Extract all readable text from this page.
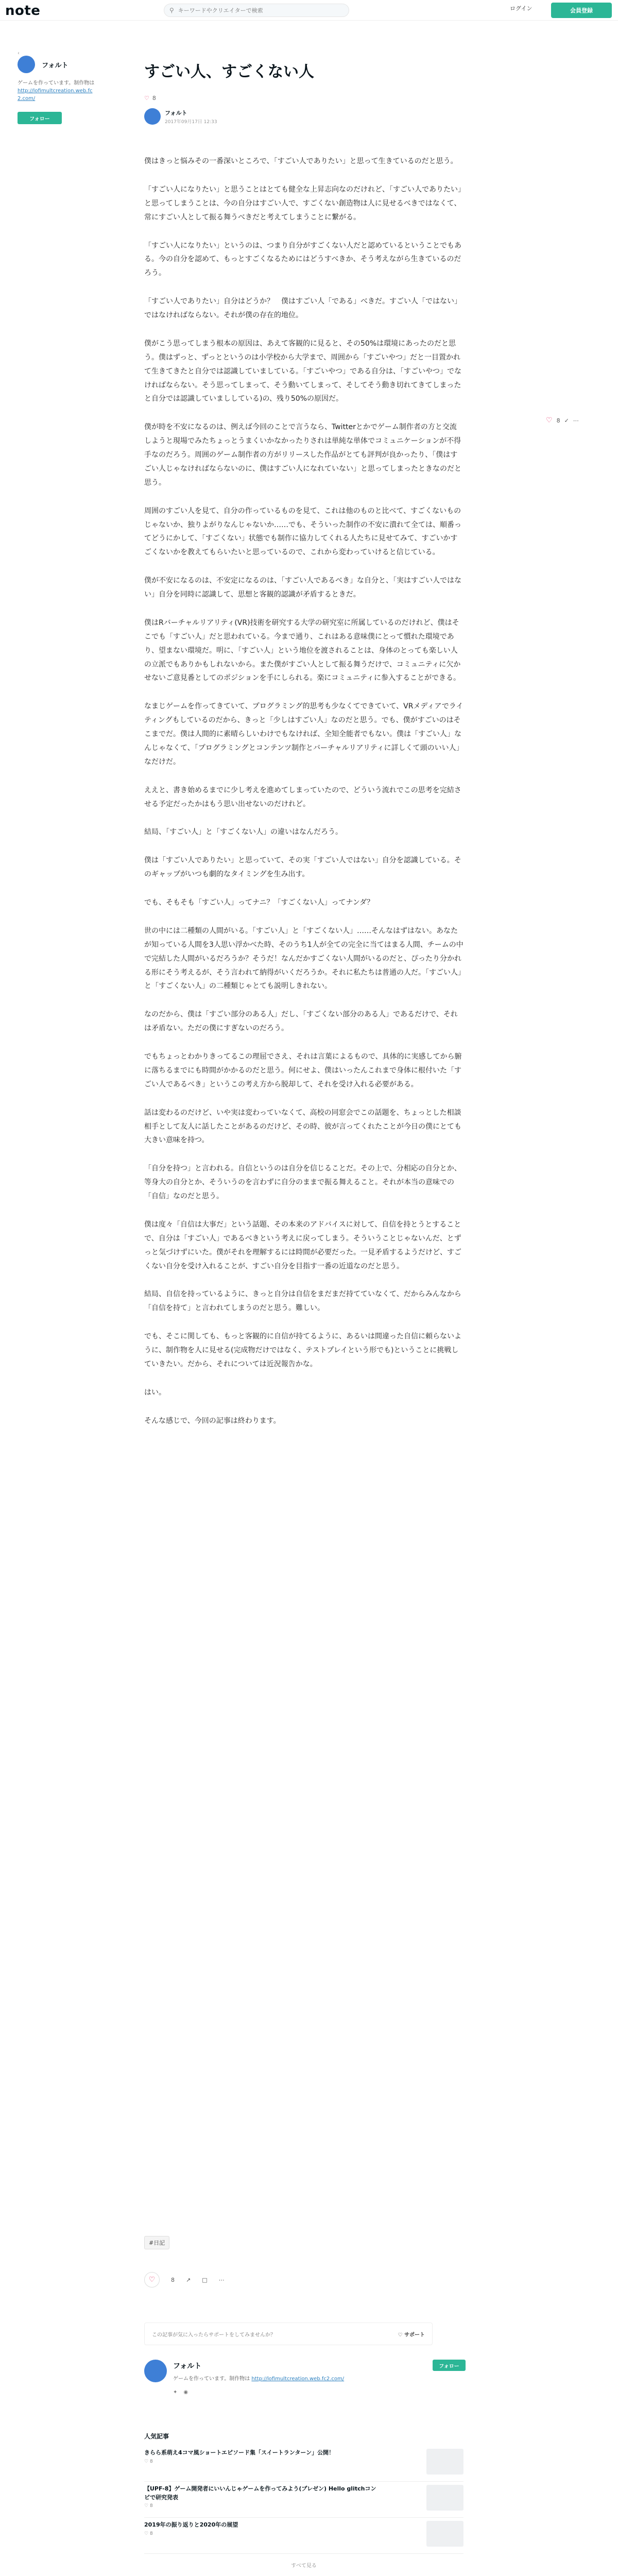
note	⚲
キーワードやクリエイターで検索	ログイン	会員登録
‹
フォルト
ゲームを作っています。制作物は http://lofimultcreation.web.fc2.com/
フォロー
すごい人、すごくない人
♡ 8
フォルト
2017年09月17日 12:33

僕はきっと悩みその一番深いところで、「すごい人でありたい」と思って生きているのだと思う。

「すごい人になりたい」と思うことはとても健全な上昇志向なのだけれど、「すごい人でありたい」と思ってしまうことは、今の自分はすごい人で、すごくない創造物は人に見せるべきではなくて、常にすごい人として振る舞うべきだと考えてしまうことに繋がる。

「すごい人になりたい」というのは、つまり自分がすごくない人だと認めているということでもある。今の自分を認めて、もっとすごくなるためにはどうすべきか、そう考えながら生きているのだろう。

「すごい人でありたい」自分はどうか？　僕はすごい人「である」べきだ。すごい人「ではない」ではなければならない。それが僕の存在的地位。

僕がこう思ってしまう根本の原因は、あえて客観的に見ると、その50%は環境にあったのだと思う。僕はずっと、ずっとというのは小学校から大学まで、周囲から「すごいやつ」だと一目置かれて生きてきたと自分では認識していましている。「すごいやつ」である自分は、「すごいやつ」でなければならない。そう思ってしまって、そう動いてしまって、そしてそう動き切れてきてしまったと自分では認識していまししている)の、残り50%の原因だ。

僕が時を不安になるのは、例えば今回のことで言うなら、Twitterとかでゲーム制作者の方と交流しようと現場でみたちょっとうまくいかなかったりされは単純な単体でコミュニケーションが不得手なのだろう。周囲のゲーム制作者の方がリリースした作品がとても評判が良かったり、「僕はすごい人じゃなければならないのに、僕はすごい人になれていない」と思ってしまったときなのだと思う。

周囲のすごい人を見て、自分の作っているものを見て、これは他のものと比べて、すごくないものじゃないか、独りよがりなんじゃないか……でも、そういった制作の不安に潰れて全ては、順番ってどうにかして、「すごくない」状態でも制作に協力してくれる人たちに見せてみて、すごいかすごくないかを教えてもらいたいと思っているので、これから変わっていけると信じている。

僕が不安になるのは、不安定になるのは、「すごい人であるべき」な自分と、「実はすごい人ではない」自分を同時に認識して、思想と客観的認識が矛盾するときだ。

僕はRバーチャルリアリティ(VR)技術を研究する大学の研究室に所属しているのだけれど、僕はそこでも「すごい人」だと思われている。今まで通り、これはある意味僕にとって慣れた環境であり、望まない環境だ。明に、「すごい人」という地位を渡されることは、身体のとっても楽しい人の立派でもありかもしれないから。また僕がすごい人として振る舞うだけで、コミュニティに欠かせないご意見番としてのポジションを手にしられる。楽にコミュニティに参入することができる。

なまじゲームを作ってきていて、プログラミング的思考も少なくてできていて、VRメディアでライティングもしているのだから、きっと「少しはすごい人」なのだと思う。でも、僕がすごいのはそこまでだ。僕は人間的に素晴らしいわけでもなければ、全知全能者でもない。僕は「すごい人」なんじゃなくて、「プログラミングとコンテンツ制作とバーチャルリアリティに詳しくて頭のいい人」なだけだ。

ええと、書き始めるまでに少し考えを進めてしまっていたので、どういう流れでこの思考を完結させる予定だったかはもう思い出せないのだけれど。

結局、「すごい人」と「すごくない人」の違いはなんだろう。

僕は「すごい人でありたい」と思っていて、その実「すごい人ではない」自分を認識している。そのギャップがいつも劇的なタイミングを生み出す。

でも、そもそも「すごい人」ってナニ？「すごくない人」ってナンダ？

世の中には二種類の人間がいる。「すごい人」と「すごくない人」……そんなはずはない。あなたが知っている人間を3人思い浮かべた時、そのうち1人が全ての完全に当てはまる人間、チームの中で完結した人間がいるだろうか？そうだ！なんだかすごくない人間がいるのだと、ぴったり分かれる形にそう考えるが、そう言われて納得がいくだろうか。それに私たちは普通の人だ。「すごい人」と「すごくない人」の二種類じゃとても説明しきれない。

なのだから、僕は「すごい部分のある人」だし、「すごくない部分のある人」であるだけで、それは矛盾ない。ただの僕にすぎないのだろう。

でもちょっとわかりきってるこの理屈でさえ、それは言葉によるもので、具体的に実感してから腑に落ちるまでにも時間がかかるのだと思う。何にせよ、僕はいったんこれまで身体に根付いた「すごい人であるべき」というこの考え方から脱却して、それを受け入れる必要がある。

話は変わるのだけど、いや実は変わっていなくて、高校の同窓会でこの話題を、ちょっとした相談相手として友人に話したことがあるのだけど、その時、彼が言ってくれたことが今日の僕にとても大きい意味を持つ。

「自分を持つ」と言われる。自信というのは自分を信じることだ。その上で、分相応の自分とか、等身大の自分とか、そういうのを言わずに自分のままで振る舞えること。それが本当の意味での「自信」なのだと思う。

僕は度々「自信は大事だ」という話題、その本来のアドバイスに対して、自信を持とうとすることで、自分は「すごい人」であるべきという考えに戻ってしまう。そういうことじゃないんだ、とずっと気づけずにいた。僕がそれを理解するには時間が必要だった。一見矛盾するようだけど、すごくない自分を受け入れることが、すごい自分を目指す一番の近道なのだと思う。

結局、自信を持っているように、きっと自分は自信をまだまだ持てていなくて、だからみんなから「自信を持て」と言われてしまうのだと思う。難しい。

でも、そこに関しても、もっと客観的に自信が持てるように、あるいは間違った自信に頼らないように、制作物を人に見せる(完成物だけではなく、テストプレイという形でも)ということに挑戦していきたい。だから、それについては近況報告かな。

はい。

そんな感じで、今回の記事は終わります。

♡ 8 ✓ ⋯
#日記
♡	8 ↗ □ ⋯
この記事が気に入ったらサポートをしてみませんか？	♡ サポート
フォルト
ゲームを作っています。制作物は http://lofimultcreation.web.fc2.com/
フォロー
✦ ◉
人気記事
きらら系萌え4コマ風ショートエピソード集「スイートランターン」公開！
♡ 8
【UPF-8】ゲーム開発者にいいんじゃゲームを作ってみよう(プレゼン) Hello glitchコンビで研究発表
♡ 8
2019年の振り返りと2020年の展望
♡ 8
すべて見る
